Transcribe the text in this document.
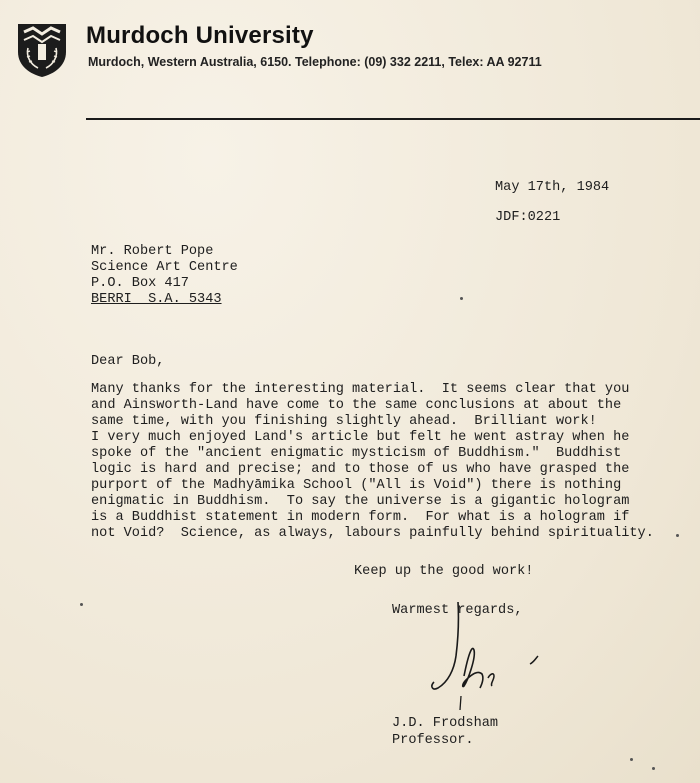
Murdoch University
Murdoch, Western Australia, 6150. Telephone: (09) 332 2211, Telex: AA 92711
May 17th, 1984
JDF:0221
Mr. Robert Pope
Science Art Centre
P.O. Box 417
BERRI  S.A. 5343
Dear Bob,
Many thanks for the interesting material.  It seems clear that you
and Ainsworth-Land have come to the same conclusions at about the
same time, with you finishing slightly ahead.  Brilliant work!
I very much enjoyed Land's article but felt he went astray when he
spoke of the "ancient enigmatic mysticism of Buddhism."  Buddhist
logic is hard and precise; and to those of us who have grasped the
purport of the Madhyāmika School ("All is Void") there is nothing
enigmatic in Buddhism.  To say the universe is a gigantic hologram
is a Buddhist statement in modern form.  For what is a hologram if
not Void?  Science, as always, labours painfully behind spirituality.
Keep up the good work!
Warmest regards,
J.D. Frodsham
Professor.
